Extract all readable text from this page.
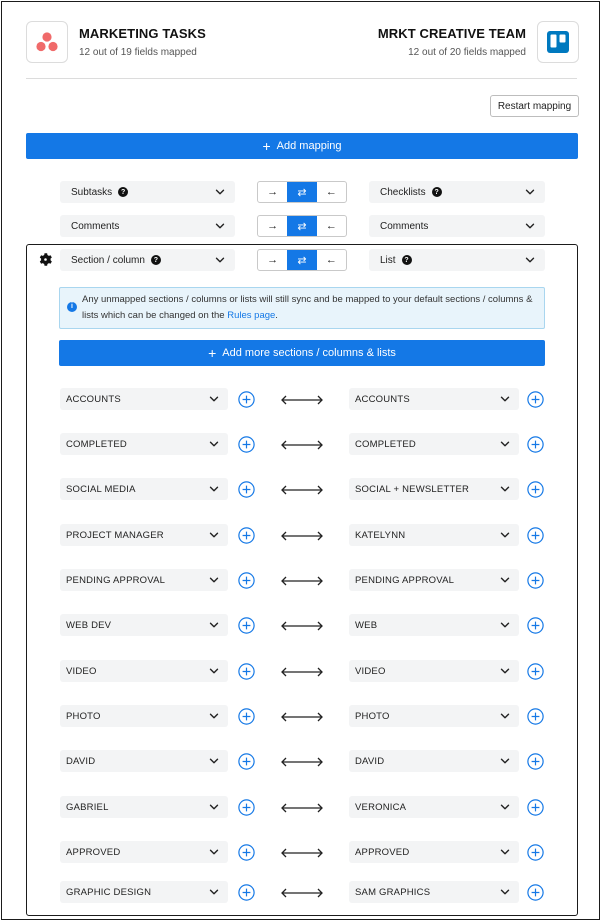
MARKETING TASKS
12 out of 19 fields mapped
MRKT CREATIVE TEAM
12 out of 20 fields mapped
Restart mapping
+ Add mapping
Subtasks	?	→	⇄	←	Checklists	?
Comments	→	⇄	←	Comments
Section / column	?	→	⇄	←	List	?
i
Any unmapped sections / columns or lists will still sync and be mapped to your default sections / columns & lists which can be changed on the Rules page.
+ Add more sections / columns & lists
ACCOUNTS	ACCOUNTS
COMPLETED	COMPLETED
SOCIAL MEDIA	SOCIAL + NEWSLETTER
PROJECT MANAGER	KATELYNN
PENDING APPROVAL	PENDING APPROVAL
WEB DEV	WEB
VIDEO	VIDEO
PHOTO	PHOTO
DAVID	DAVID
GABRIEL	VERONICA
APPROVED	APPROVED
GRAPHIC DESIGN	SAM GRAPHICS
